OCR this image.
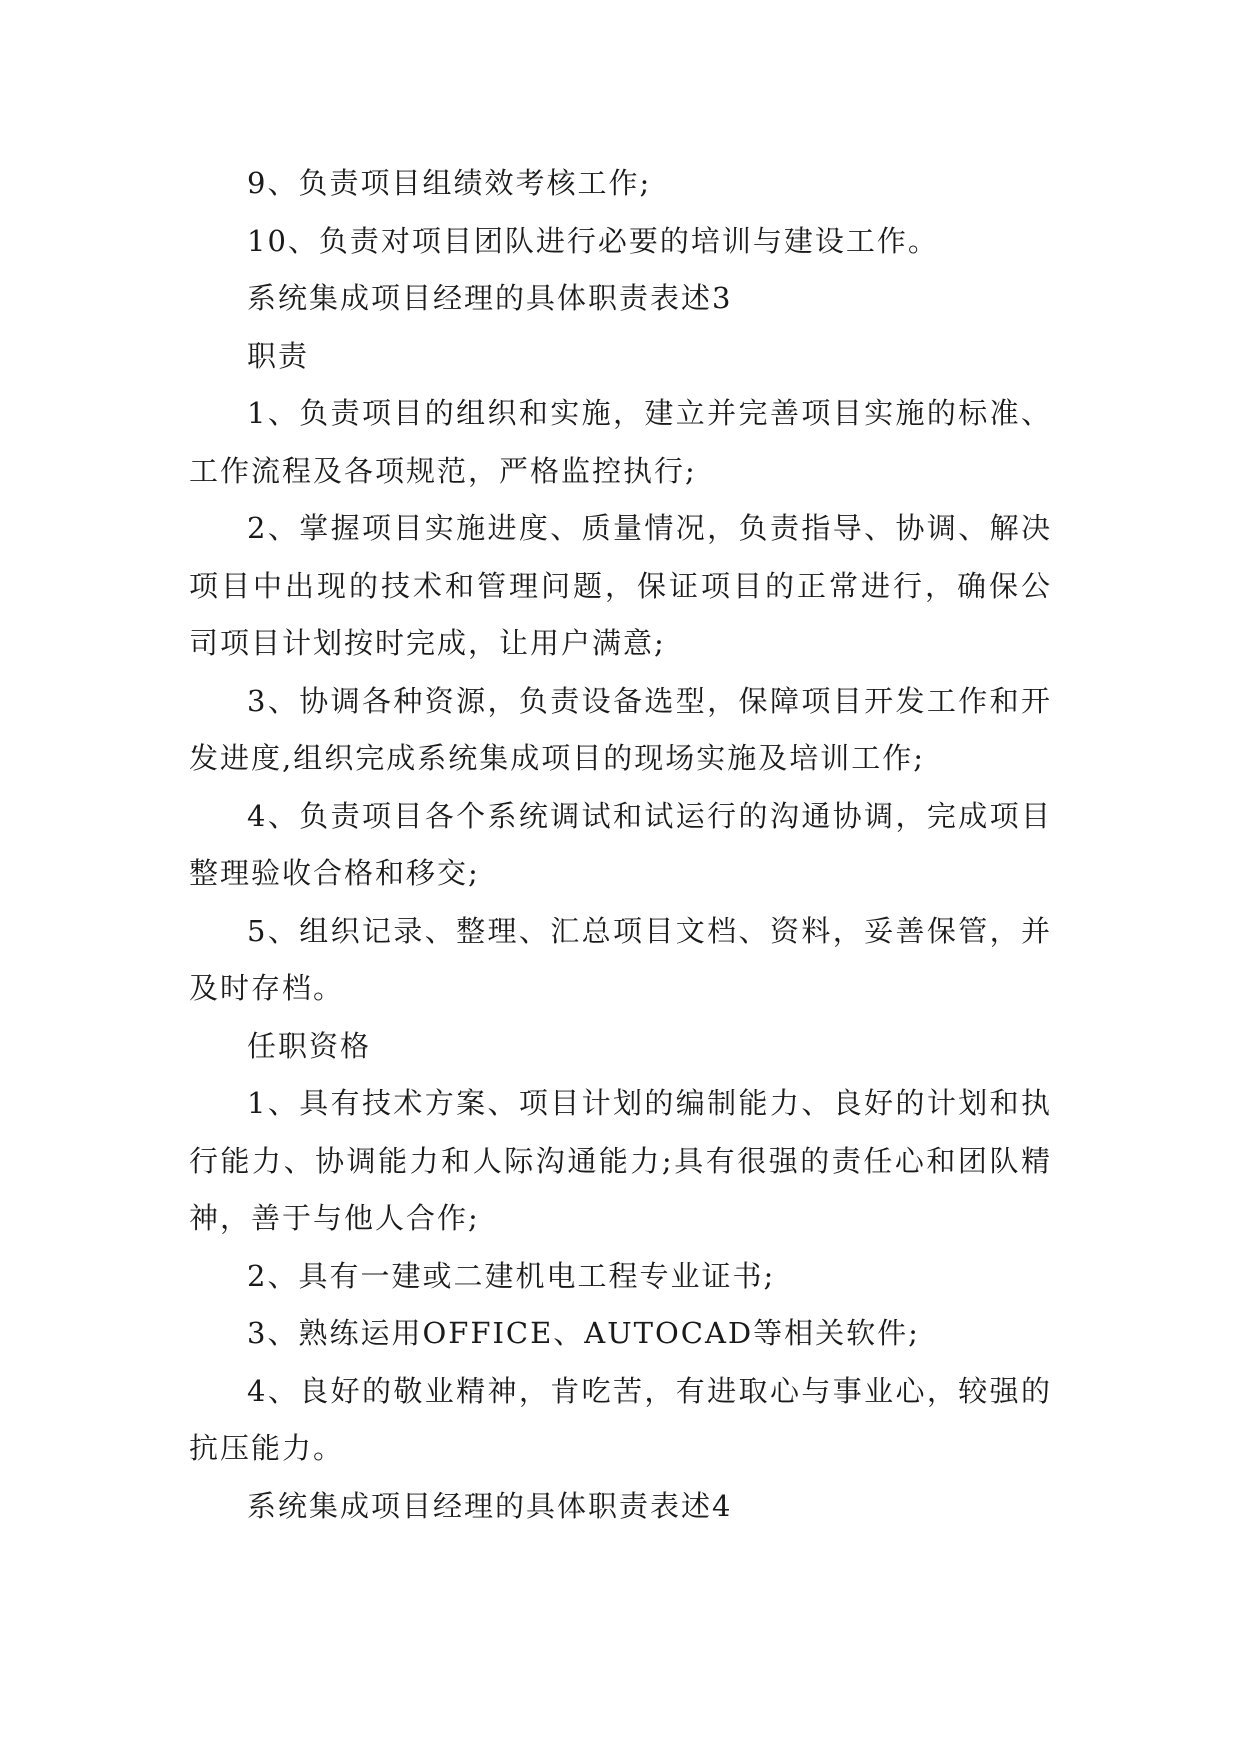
9、负责项目组绩效考核工作;

10、负责对项目团队进行必要的培训与建设工作。

系统集成项目经理的具体职责表述3

职责

1、负责项目的组织和实施，建立并完善项目实施的标准、工作流程及各项规范，严格监控执行;

2、掌握项目实施进度、质量情况，负责指导、协调、解决项目中出现的技术和管理问题，保证项目的正常进行，确保公司项目计划按时完成，让用户满意;

3、协调各种资源，负责设备选型，保障项目开发工作和开发进度,组织完成系统集成项目的现场实施及培训工作;

4、负责项目各个系统调试和试运行的沟通协调，完成项目整理验收合格和移交;

5、组织记录、整理、汇总项目文档、资料，妥善保管，并及时存档。

任职资格

1、具有技术方案、项目计划的编制能力、良好的计划和执行能力、协调能力和人际沟通能力;具有很强的责任心和团队精神，善于与他人合作;

2、具有一建或二建机电工程专业证书;

3、熟练运用OFFICE、AUTOCAD等相关软件;

4、良好的敬业精神，肯吃苦，有进取心与事业心，较强的抗压能力。

系统集成项目经理的具体职责表述4
